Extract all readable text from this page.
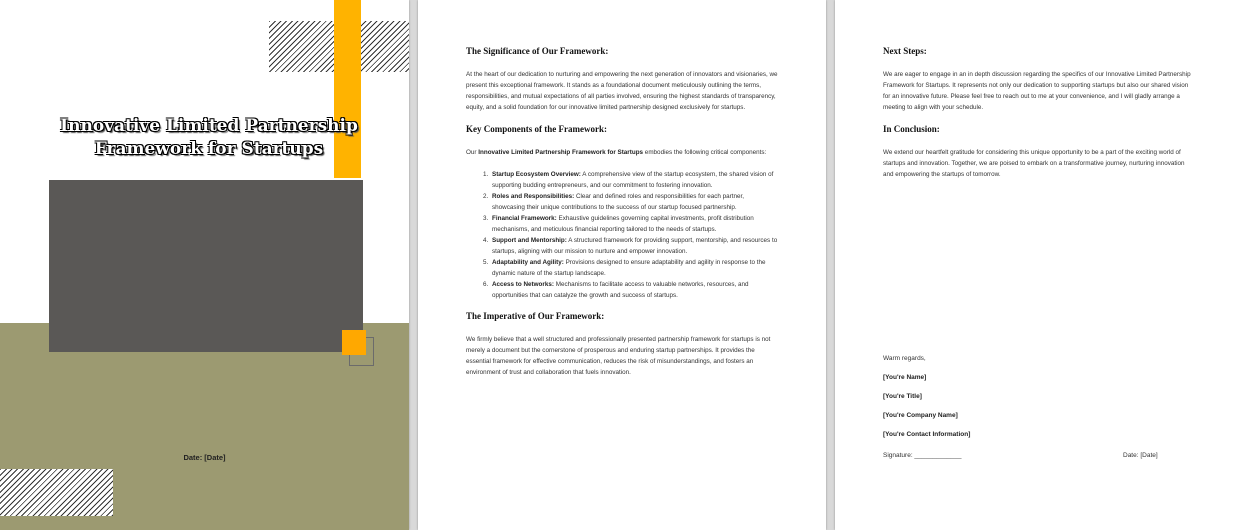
Innovative Limited Partnership
Framework for Startups
Date: [Date]
The Significance of Our Framework:

At the heart of our dedication to nurturing and empowering the next generation of innovators and visionaries, we present this exceptional framework. It stands as a foundational document meticulously outlining the terms, responsibilities, and mutual expectations of all parties involved, ensuring the highest standards of transparency, equity, and a solid foundation for our innovative limited partnership designed exclusively for startups.

Key Components of the Framework:

Our Innovative Limited Partnership Framework for Startups embodies the following critical components:

1. Startup Ecosystem Overview: A comprehensive view of the startup ecosystem, the shared vision of supporting budding entrepreneurs, and our commitment to fostering innovation.
2. Roles and Responsibilities: Clear and defined roles and responsibilities for each partner, showcasing their unique contributions to the success of our startup focused partnership.
3. Financial Framework: Exhaustive guidelines governing capital investments, profit distribution mechanisms, and meticulous financial reporting tailored to the needs of startups.
4. Support and Mentorship: A structured framework for providing support, mentorship, and resources to startups, aligning with our mission to nurture and empower innovation.
5. Adaptability and Agility: Provisions designed to ensure adaptability and agility in response to the dynamic nature of the startup landscape.
6. Access to Networks: Mechanisms to facilitate access to valuable networks, resources, and opportunities that can catalyze the growth and success of startups.
The Imperative of Our Framework:

We firmly believe that a well structured and professionally presented partnership framework for startups is not merely a document but the cornerstone of prosperous and enduring startup partnerships. It provides the essential framework for effective communication, reduces the risk of misunderstandings, and fosters an environment of trust and collaboration that fuels innovation.

Next Steps:

We are eager to engage in an in depth discussion regarding the specifics of our Innovative Limited Partnership Framework for Startups. It represents not only our dedication to supporting startups but also our shared vision for an innovative future. Please feel free to reach out to me at your convenience, and I will gladly arrange a meeting to align with your schedule.

In Conclusion:

We extend our heartfelt gratitude for considering this unique opportunity to be a part of the exciting world of startups and innovation. Together, we are poised to embark on a transformative journey, nurturing innovation and empowering the startups of tomorrow.

Warm regards,

[You're Name]

[You're Title]

[You're Company Name]

[You're Contact Information]

Signature: _____________	Date: [Date]
